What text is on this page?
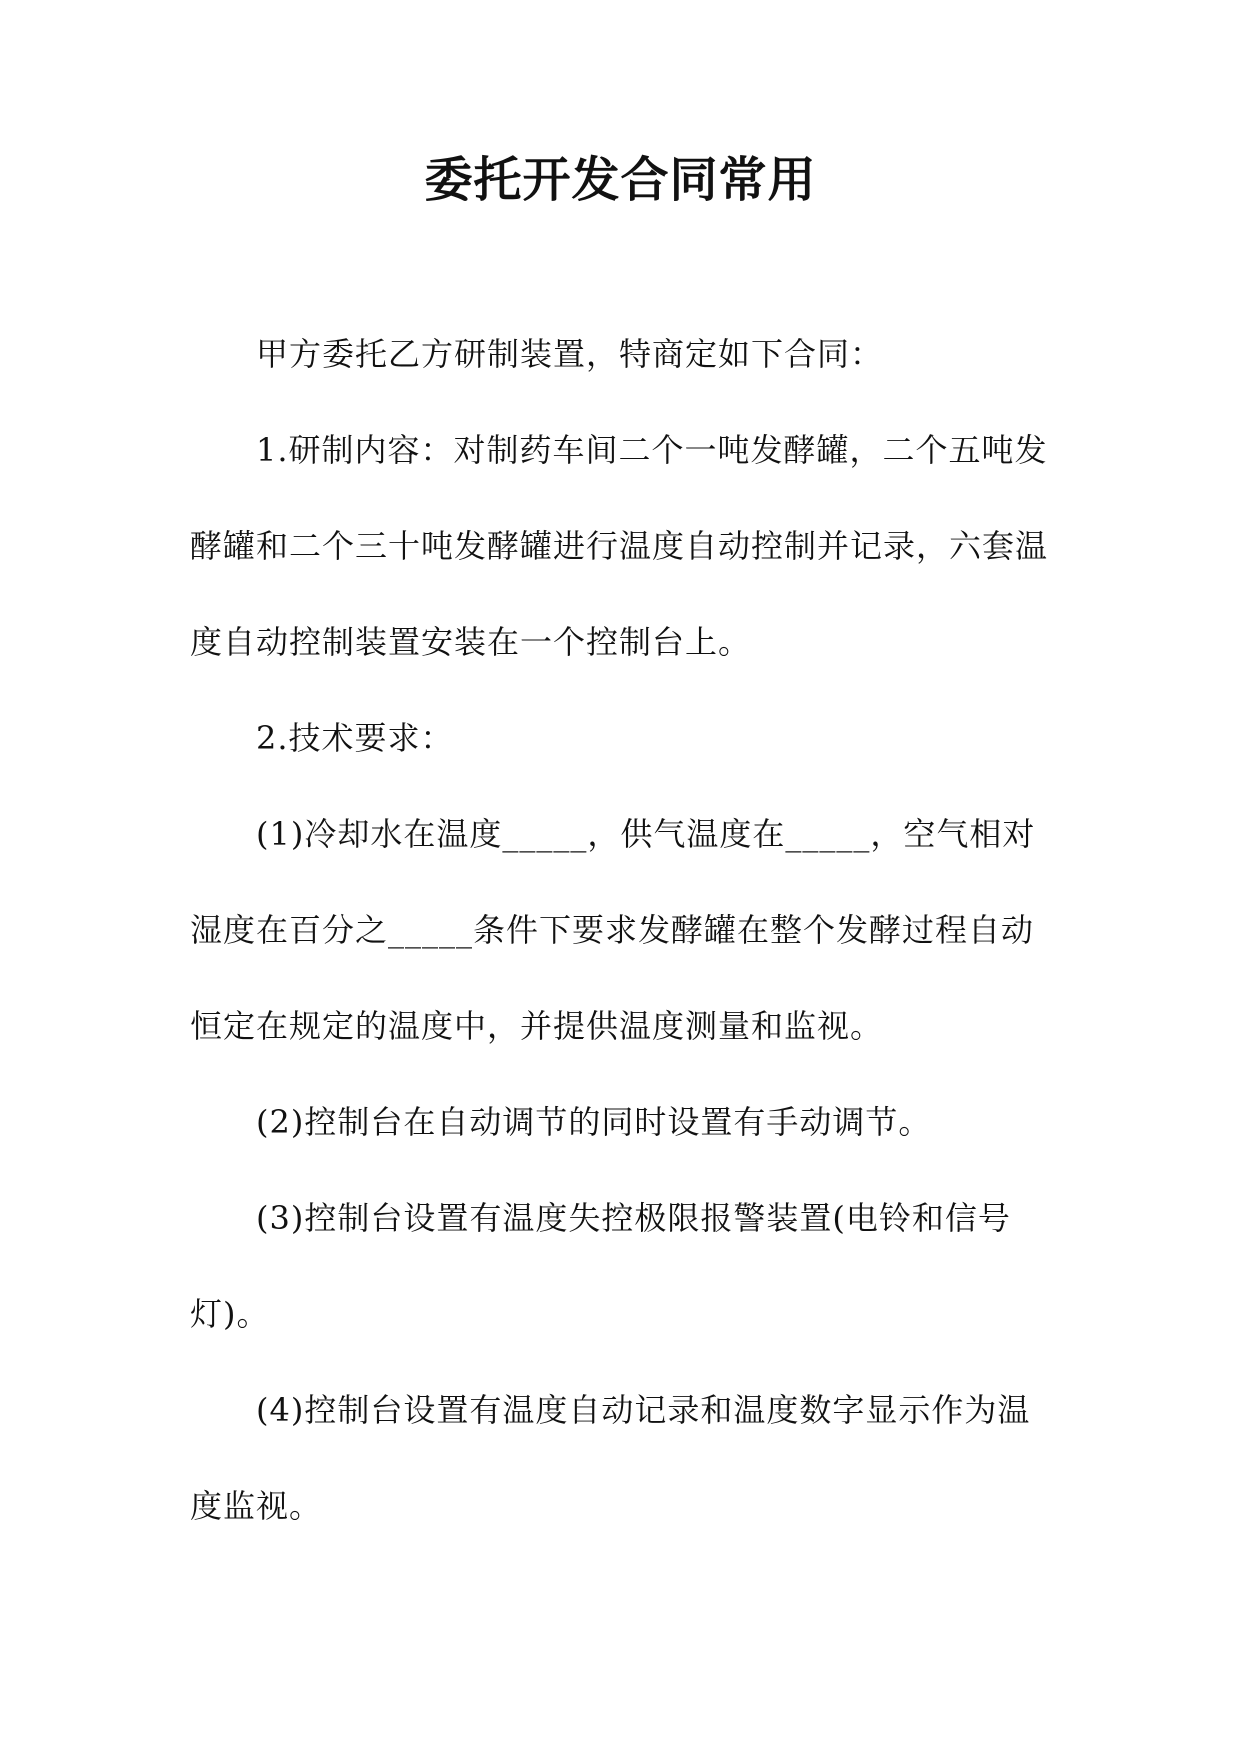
委托开发合同常用

甲方委托乙方研制装置，特商定如下合同：

1.研制内容：对制药车间二个一吨发酵罐，二个五吨发酵罐和二个三十吨发酵罐进行温度自动控制并记录，六套温度自动控制装置安装在一个控制台上。

2.技术要求：

(1)冷却水在温度_____，供气温度在_____，空气相对湿度在百分之_____条件下要求发酵罐在整个发酵过程自动恒定在规定的温度中，并提供温度测量和监视。

(2)控制台在自动调节的同时设置有手动调节。

(3)控制台设置有温度失控极限报警装置(电铃和信号灯)。

(4)控制台设置有温度自动记录和温度数字显示作为温度监视。
